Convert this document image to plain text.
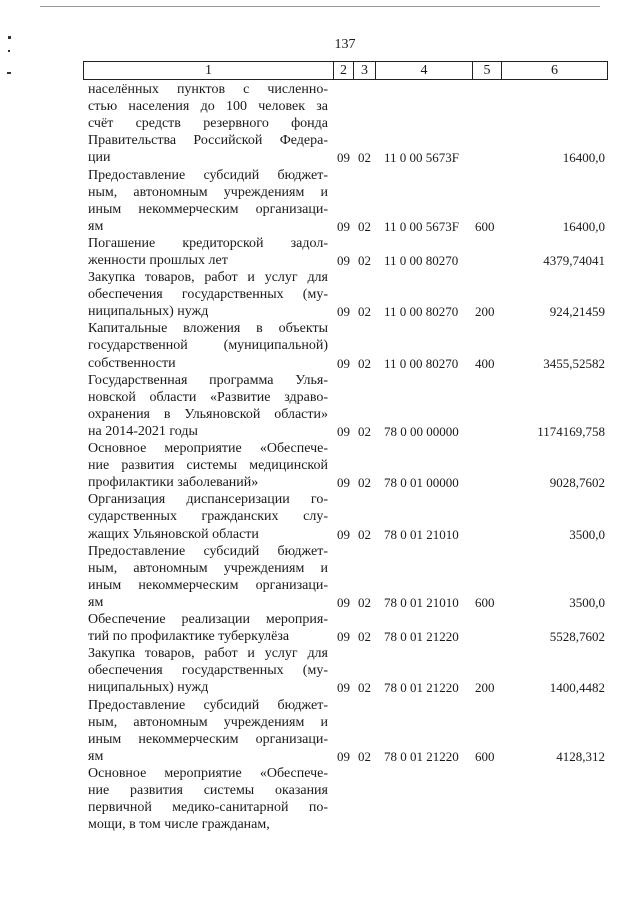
137
1	2	3	4	5	6
населённых пунктов с численно-
стью населения до 100 человек за
счёт средств резервного фонда
Правительства Российской Федера-
ции	09 02 11 0 00 5673F	16400,0
Предоставление субсидий бюджет-
ным, автономным учреждениям и
иным некоммерческим организаци-
ям	09 02 11 0 00 5673F 600	16400,0
Погашение кредиторской задол-
женности прошлых лет	09 02 11 0 00 80270	4379,74041
Закупка товаров, работ и услуг для
обеспечения государственных (му-
ниципальных) нужд	09 02 11 0 00 80270 200	924,21459
Капитальные вложения в объекты
государственной (муниципальной)
собственности	09 02 11 0 00 80270 400	3455,52582
Государственная программа Улья-
новской области «Развитие здраво-
охранения в Ульяновской области»
на 2014-2021 годы	09 02 78 0 00 00000	1174169,758
Основное мероприятие «Обеспече-
ние развития системы медицинской
профилактики заболеваний»	09 02 78 0 01 00000	9028,7602
Организация диспансеризации го-
сударственных гражданских слу-
жащих Ульяновской области	09 02 78 0 01 21010	3500,0
Предоставление субсидий бюджет-
ным, автономным учреждениям и
иным некоммерческим организаци-
ям	09 02 78 0 01 21010 600	3500,0
Обеспечение реализации мероприя-
тий по профилактике туберкулёза	09 02 78 0 01 21220	5528,7602
Закупка товаров, работ и услуг для
обеспечения государственных (му-
ниципальных) нужд	09 02 78 0 01 21220 200	1400,4482
Предоставление субсидий бюджет-
ным, автономным учреждениям и
иным некоммерческим организаци-
ям	09 02 78 0 01 21220 600	4128,312
Основное мероприятие «Обеспече-
ние развития системы оказания
первичной медико-санитарной по-
мощи, в том числе гражданам,
